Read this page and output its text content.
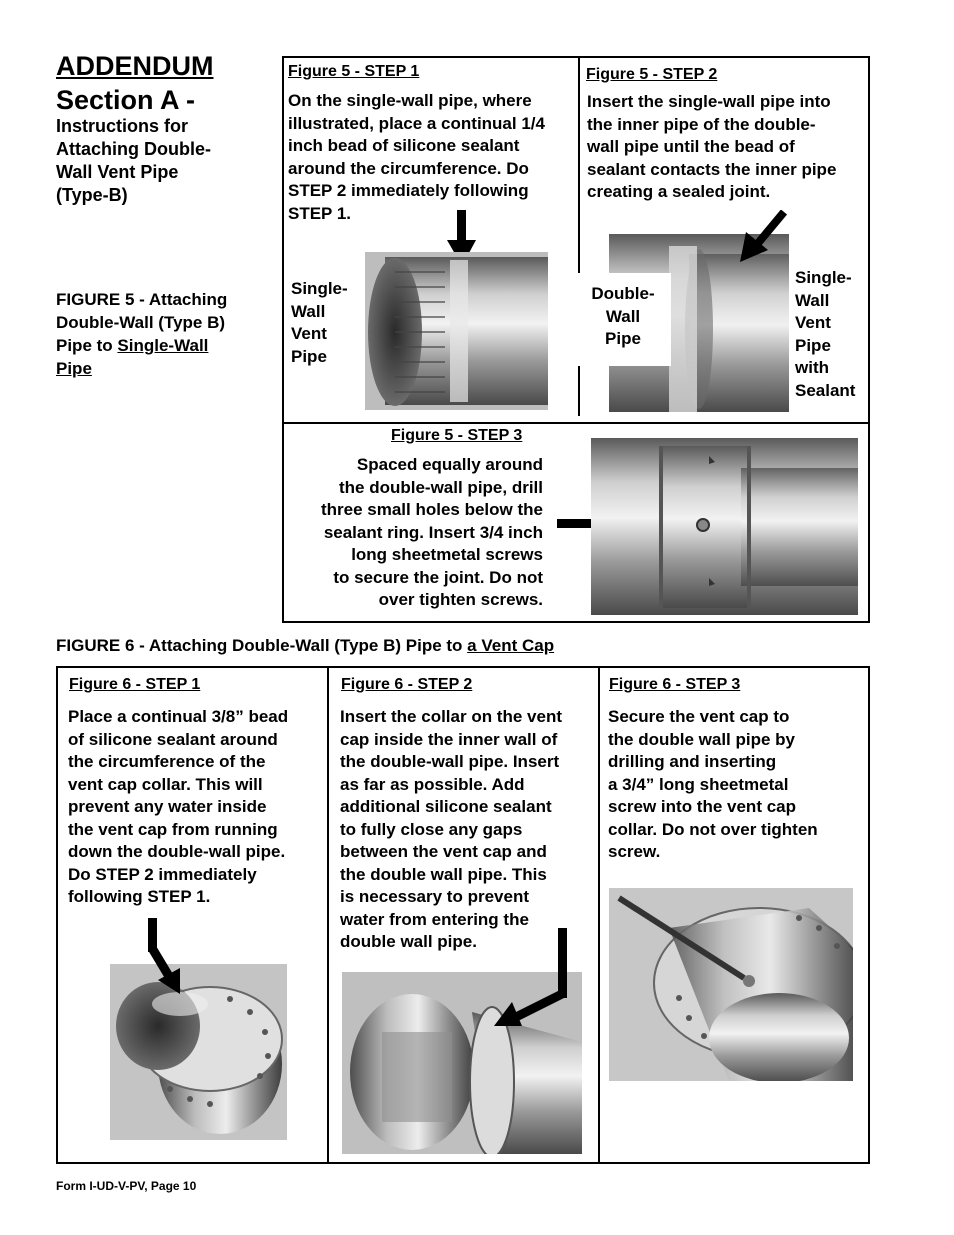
ADDENDUM
Section A -
Instructions for
Attaching Double-
Wall Vent Pipe
(Type-B)
FIGURE 5 - Attaching
Double-Wall (Type B)
Pipe to Single-Wall
Pipe
Figure 5 - STEP 1
On the single-wall pipe, where
illustrated, place a continual 1/4
inch bead of silicone sealant
around the circumference. Do
STEP 2 immediately following
STEP 1.
Single-
Wall
Vent
Pipe
Figure 5 - STEP 2
Insert the single-wall pipe into
the inner pipe of the double-
wall pipe until the bead of
sealant contacts the inner pipe
creating a sealed joint.
Double-
Wall
Pipe
Single-
Wall
Vent
Pipe
with
Sealant
Figure 5 - STEP 3
Spaced equally around
the double-wall pipe, drill
three small holes below the
sealant ring. Insert 3/4 inch
long sheetmetal screws
to secure the joint. Do not
over tighten screws.
FIGURE 6 - Attaching Double-Wall (Type B) Pipe to a Vent Cap
Figure 6 - STEP 1
Place a continual 3/8” bead
of silicone sealant around
the circumference of the
vent cap collar. This will
prevent any water inside
the vent cap from running
down the double-wall pipe.
Do STEP 2 immediately
following STEP 1.
Figure 6 - STEP 2
Insert the collar on the vent
cap inside the inner wall of
the double-wall pipe. Insert
as far as possible. Add
additional silicone sealant
to fully close any gaps
between the vent cap and
the double wall pipe. This
is necessary to prevent
water from entering the
double wall pipe.
Figure 6 - STEP 3
Secure the vent cap to
the double wall pipe by
drilling and inserting
a 3/4” long sheetmetal
screw into the vent cap
collar. Do not over tighten
screw.
Form I-UD-V-PV, Page 10
